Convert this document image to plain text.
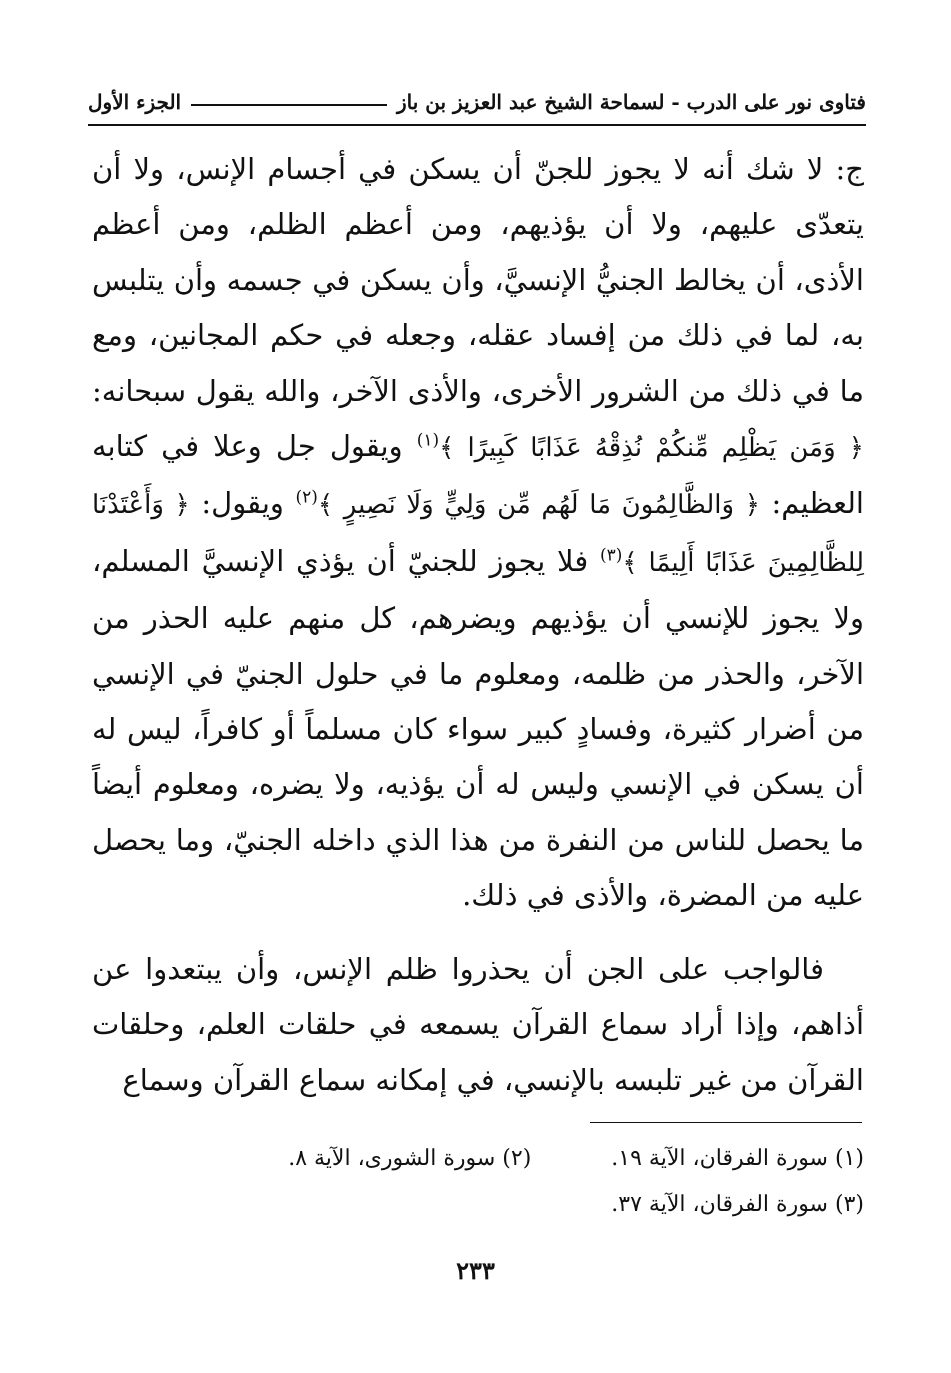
فتاوى نور على الدرب - لسماحة الشيخ عبد العزيز بن باز
الجزء الأول

ج: لا شك أنه لا يجوز للجنّ أن يسكن في أجسام الإنس، ولا أن يتعدّى عليهم، ولا أن يؤذيهم، ومن أعظم الظلم، ومن أعظم الأذى، أن يخالط الجنيُّ الإنسيَّ، وأن يسكن في جسمه وأن يتلبس به، لما في ذلك من إفساد عقله، وجعله في حكم المجانين، ومع ما في ذلك من الشرور الأخرى، والأذى الآخر، والله يقول سبحانه: ﴿ وَمَن يَظْلِم مِّنكُمْ نُذِقْهُ عَذَابًا كَبِيرًا ﴾$^{(١)}$ ويقول جل وعلا في كتابه العظيم: ﴿ وَالظَّالِمُونَ مَا لَهُم مِّن وَلِيٍّ وَلَا نَصِيرٍ ﴾$^{(٢)}$ ويقول: ﴿ وَأَعْتَدْنَا لِلظَّالِمِينَ عَذَابًا أَلِيمًا ﴾$^{(٣)}$ فلا يجوز للجنيّ أن يؤذي الإنسيَّ المسلم، ولا يجوز للإنسي أن يؤذيهم ويضرهم، كل منهم عليه الحذر من الآخر، والحذر من ظلمه، ومعلوم ما في حلول الجنيّ في الإنسي من أضرار كثيرة، وفسادٍ كبير سواء كان مسلماً أو كافراً، ليس له أن يسكن في الإنسي وليس له أن يؤذيه، ولا يضره، ومعلوم أيضاً ما يحصل للناس من النفرة من هذا الذي داخله الجنيّ، وما يحصل عليه من المضرة، والأذى في ذلك.

فالواجب على الجن أن يحذروا ظلم الإنس، وأن يبتعدوا عن أذاهم، وإذا أراد سماع القرآن يسمعه في حلقات العلم، وحلقات القرآن من غير تلبسه بالإنسي، في إمكانه سماع القرآن وسماع

(١) سورة الفرقان، الآية ١٩.
(٢) سورة الشورى، الآية ٨.
(٣) سورة الفرقان، الآية ٣٧.
٢٣٣
